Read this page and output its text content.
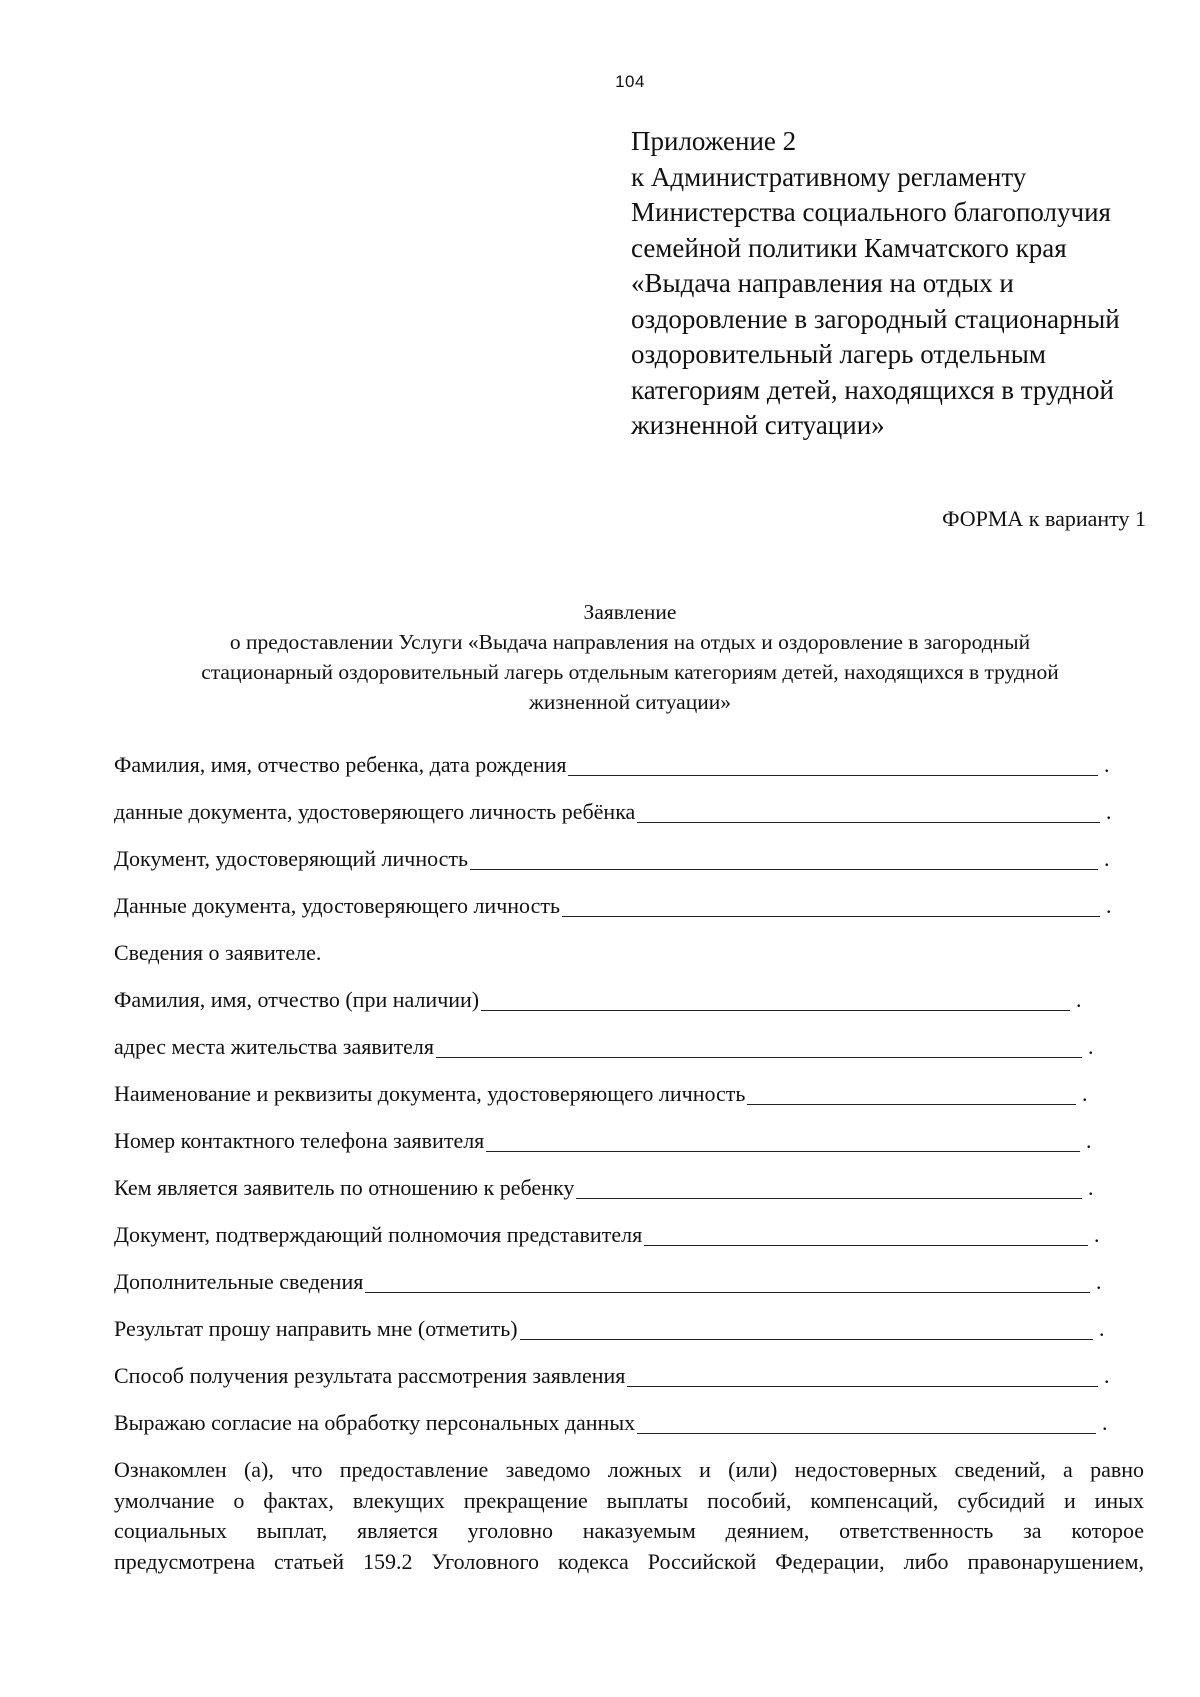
104
Приложение 2
к Административному регламенту
Министерства социального благополучия
семейной политики Камчатского края
«Выдача направления на отдых и
оздоровление в загородный стационарный
оздоровительный лагерь отдельным
категориям детей, находящихся в трудной
жизненной ситуации»
ФОРМА к варианту 1
Заявление
о предоставлении Услуги «Выдача направления на отдых и оздоровление в загородный
стационарный оздоровительный лагерь отдельным категориям детей, находящихся в трудной
жизненной ситуации»
Фамилия, имя, отчество ребенка, дата рождения	.
данные документа, удостоверяющего личность ребёнка	.
Документ, удостоверяющий личность	.
Данные документа, удостоверяющего личность	.
Сведения о заявителе.
Фамилия, имя, отчество (при наличии)	.
адрес места жительства заявителя	.
Наименование и реквизиты документа, удостоверяющего личность	.
Номер контактного телефона заявителя	.
Кем является заявитель по отношению к ребенку	.
Документ, подтверждающий полномочия представителя	.
Дополнительные сведения	.
Результат прошу направить мне (отметить)	.
Способ получения результата рассмотрения заявления	.
Выражаю согласие на обработку персональных данных	.
Ознакомлен (а), что предоставление заведомо ложных и (или) недостоверных сведений, а равно
умолчание о фактах, влекущих прекращение выплаты пособий, компенсаций, субсидий и иных
социальных выплат, является уголовно наказуемым деянием, ответственность за которое
предусмотрена статьей 159.2 Уголовного кодекса Российской Федерации, либо правонарушением,
